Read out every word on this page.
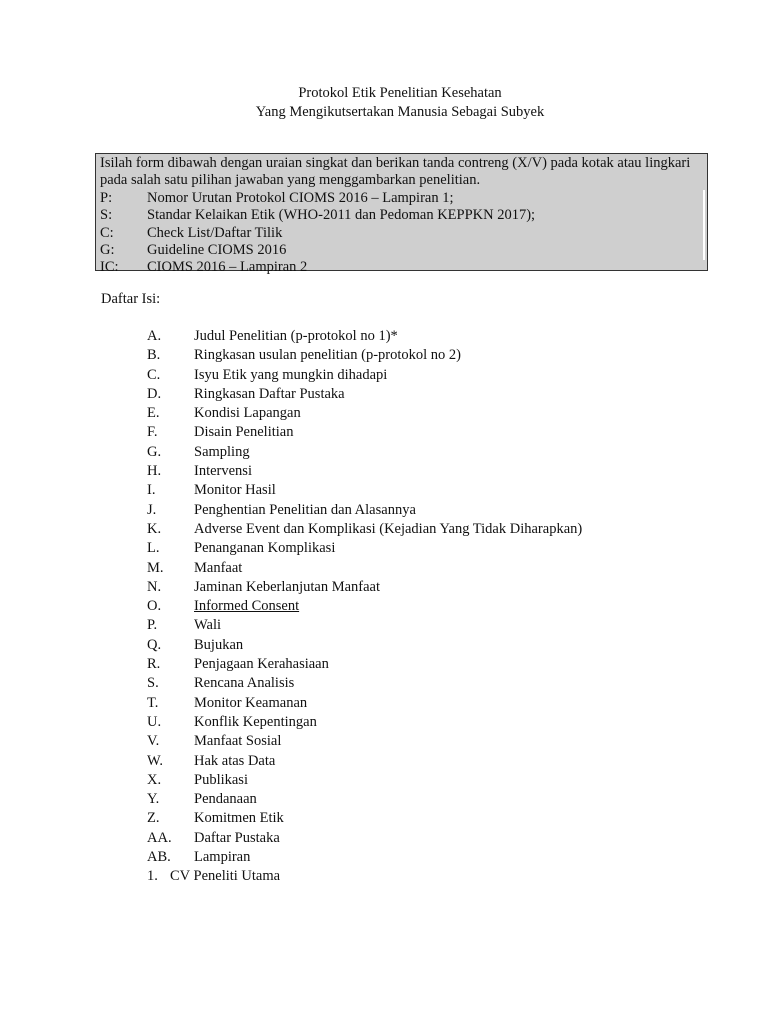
Protokol Etik Penelitian Kesehatan
Yang Mengikutsertakan Manusia Sebagai Subyek
Isilah form dibawah dengan uraian singkat dan berikan tanda contreng (X/V) pada kotak atau lingkari pada salah satu pilihan jawaban yang menggambarkan penelitian.
P:	Nomor Urutan Protokol CIOMS 2016 – Lampiran 1;
S:	Standar Kelaikan Etik (WHO-2011 dan Pedoman KEPPKN 2017);
C:	Check List/Daftar Tilik
G:	Guideline CIOMS 2016
IC:	CIOMS 2016 – Lampiran 2
Daftar Isi:
A.	Judul Penelitian (p-protokol no 1)*
B.	Ringkasan usulan penelitian (p-protokol no 2)
C.	Isyu Etik yang mungkin dihadapi
D.	Ringkasan Daftar Pustaka
E.	Kondisi Lapangan
F.	Disain Penelitian
G.	Sampling
H.	Intervensi
I.	Monitor Hasil
J.	Penghentian Penelitian dan Alasannya
K.	Adverse Event dan Komplikasi (Kejadian Yang Tidak Diharapkan)
L.	Penanganan Komplikasi
M.	Manfaat
N.	Jaminan Keberlanjutan Manfaat
O.	Informed Consent
P.	Wali
Q.	Bujukan
R.	Penjagaan Kerahasiaan
S.	Rencana Analisis
T.	Monitor Keamanan
U.	Konflik Kepentingan
V.	Manfaat Sosial
W.	Hak atas Data
X.	Publikasi
Y.	Pendanaan
Z.	Komitmen Etik
AA.	Daftar Pustaka
AB.	Lampiran
1. CV Peneliti Utama
